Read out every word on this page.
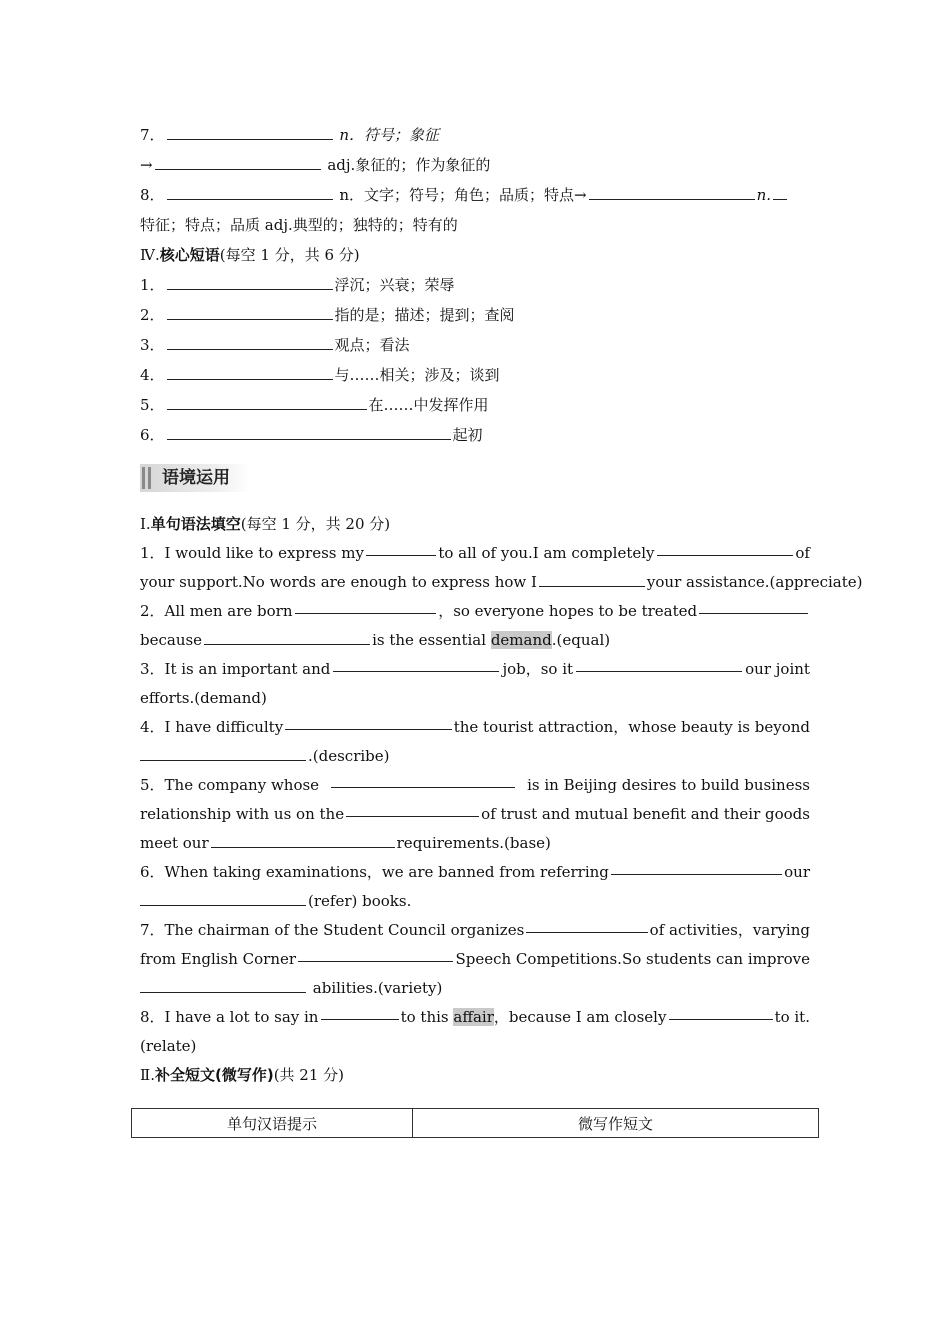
7．	n．符号；象征
→	adj.象征的；作为象征的
8．	n．文字；符号；角色；品质；特点→	n.
特征；特点；品质 adj.典型的；独特的；特有的
Ⅳ.核心短语(每空 1 分，共 6 分)
1．	浮沉；兴衰；荣辱
2．	指的是；描述；提到；查阅
3．	观点；看法
4．	与……相关；涉及；谈到
5．	在……中发挥作用
6．	起初
语境运用
Ⅰ.单句语法填空(每空 1 分，共 20 分)
1．I would like to express my	to all of you.I am completely	of
your support.No words are enough to express how I	your assistance.(appreciate)
2．All men are born	，so everyone hopes to be treated
because	is the essential demand.(equal)
3．It is an important and	job，so it	our joint
efforts.(demand)
4．I have difficulty	the tourist attraction，whose beauty is beyond
.(describe)
5．The company whose	is in Beijing desires to build business
relationship with us on the	of trust and mutual benefit and their goods
meet our	requirements.(base)
6．When taking examinations，we are banned from referring	our
(refer) books.
7．The chairman of the Student Council organizes	of activities，varying
from English Corner	Speech Competitions.So students can improve
abilities.(variety)
8．I have a lot to say in	to this affair，because I am closely	to it.
(relate)
Ⅱ.补全短文(微写作)(共 21 分)
单句汉语提示	微写作短文
